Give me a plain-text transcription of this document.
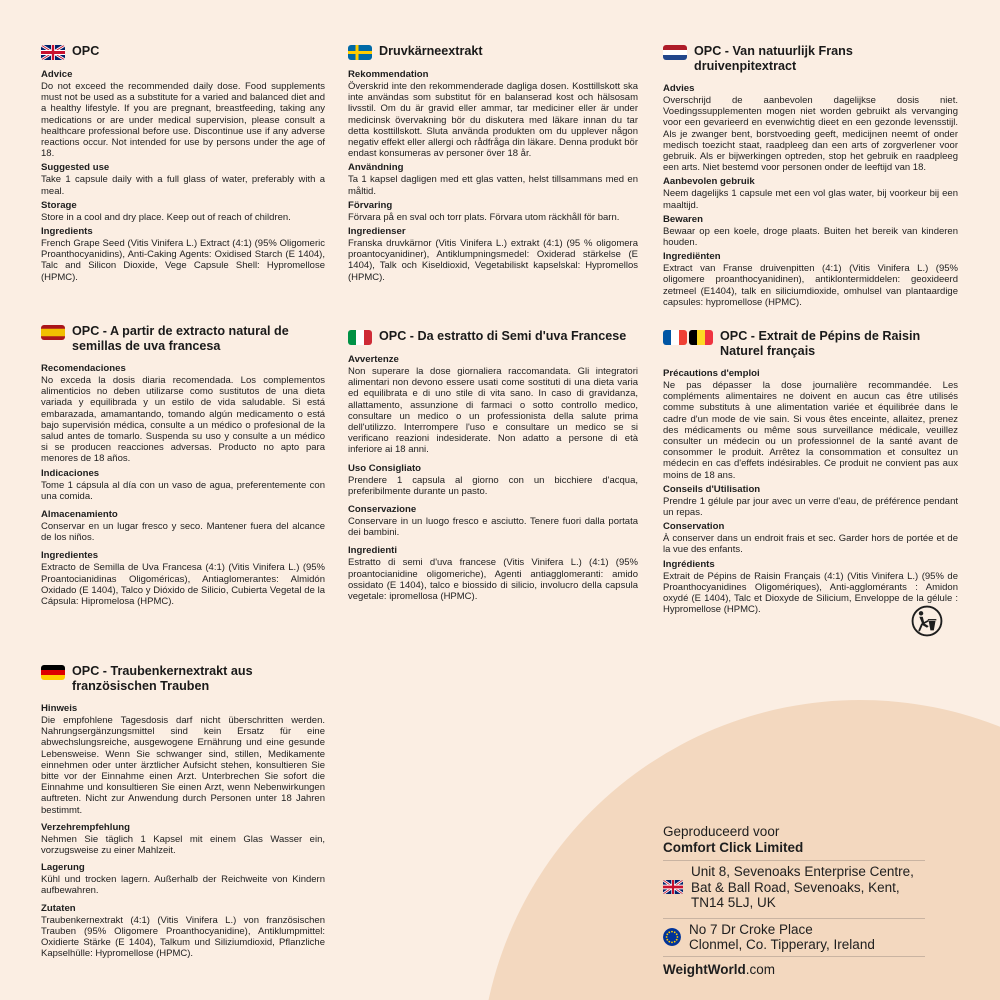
OPC
Advice

Do not exceed the recommended daily dose. Food supplements must not be used as a substitute for a varied and balanced diet and a healthy lifestyle. If you are pregnant, breastfeeding, taking any medications or are under medical supervision, please consult a healthcare professional before use. Discontinue use if any adverse reactions occur. Not intended for use by persons under the age of 18.

Suggested use

Take 1 capsule daily with a full glass of water, preferably with a meal.

Storage

Store in a cool and dry place. Keep out of reach of children.

Ingredients

French Grape Seed (Vitis Vinifera L.) Extract (4:1) (95% Oligomeric Proanthocyanidins), Anti-Caking Agents: Oxidised Starch (E 1404), Talc and Silicon Dioxide, Vege Capsule Shell: Hypromellose (HPMC).

Druvkärneextrakt
Rekommendation

Överskrid inte den rekommenderade dagliga dosen. Kosttillskott ska inte användas som substitut för en balanserad kost och hälsosam livsstil. Om du är gravid eller ammar, tar mediciner eller är under medicinsk övervakning bör du diskutera med läkare innan du tar detta kosttillskott. Sluta använda produkten om du upplever någon negativ effekt eller allergi och rådfråga din läkare. Denna produkt bör endast konsumeras av personer över 18 år.

Användning

Ta 1 kapsel dagligen med ett glas vatten, helst tillsammans med en måltid.

Förvaring

Förvara på en sval och torr plats. Förvara utom räckhåll för barn.

Ingredienser

Franska druvkärnor (Vitis Vinifera L.) extrakt (4:1) (95 % oligomera proantocyanidiner), Antiklumpningsmedel: Oxiderad stärkelse (E 1404), Talk och Kiseldioxid, Vegetabiliskt kapselskal: Hypromellos (HPMC).

OPC - Van natuurlijk Frans druivenpitextract
Advies

Overschrijd de aanbevolen dagelijkse dosis niet. Voedingssupplementen mogen niet worden gebruikt als vervanging voor een gevarieerd en evenwichtig dieet en een gezonde levensstijl. Als je zwanger bent, borstvoeding geeft, medicijnen neemt of onder medisch toezicht staat, raadpleeg dan een arts of zorgverlener voor gebruik. Als er bijwerkingen optreden, stop het gebruik en raadpleeg een arts. Niet bestemd voor personen onder de leeftijd van 18.

Aanbevolen gebruik

Neem dagelijks 1 capsule met een vol glas water, bij voorkeur bij een maaltijd.

Bewaren

Bewaar op een koele, droge plaats. Buiten het bereik van kinderen houden.

Ingrediënten

Extract van Franse druivenpitten (4:1) (Vitis Vinifera L.) (95% oligomere proanthocyanidinen), antiklontermiddelen: geoxideerd zetmeel (E1404), talk en siliciumdioxide, omhulsel van plantaardige capsules: hypromellose (HPMC).

OPC - A partir de extracto natural de semillas de uva francesa
Recomendaciones

No exceda la dosis diaria recomendada. Los complementos alimenticios no deben utilizarse como sustitutos de una dieta variada y equilibrada y un estilo de vida saludable. Si está embarazada, amamantando, tomando algún medicamento o está bajo supervisión médica, consulte a un médico o profesional de la salud antes de tomarlo. Suspenda su uso y consulte a un médico si se producen reacciones adversas. Producto no apto para menores de 18 años.

Indicaciones

Tome 1 cápsula al día con un vaso de agua, preferentemente con una comida.

Almacenamiento

Conservar en un lugar fresco y seco. Mantener fuera del alcance de los niños.

Ingredientes

Extracto de Semilla de Uva Francesa (4:1) (Vitis Vinifera L.) (95% Proantocianidinas Oligoméricas), Antiaglomerantes: Almidón Oxidado (E 1404), Talco y Dióxido de Silicio, Cubierta Vegetal de la Cápsula: Hipromelosa (HPMC).

OPC - Da estratto di Semi d'uva Francese
Avvertenze

Non superare la dose giornaliera raccomandata. Gli integratori alimentari non devono essere usati come sostituti di una dieta varia ed equilibrata e di uno stile di vita sano. In caso di gravidanza, allattamento, assunzione di farmaci o sotto controllo medico, consultare un medico o un professionista della salute prima dell'utilizzo. Interrompere l'uso e consultare un medico se si verificano reazioni indesiderate. Non adatto a persone di età inferiore ai 18 anni.

Uso Consigliato

Prendere 1 capsula al giorno con un bicchiere d'acqua, preferibilmente durante un pasto.

Conservazione

Conservare in un luogo fresco e asciutto. Tenere fuori dalla portata dei bambini.

Ingredienti

Estratto di semi d'uva francese (Vitis Vinifera L.) (4:1) (95% proantocianidine oligomeriche), Agenti antiagglomeranti: amido ossidato (E 1404), talco e biossido di silicio, involucro della capsula vegetale: ipromellosa (HPMC).

OPC - Extrait de Pépins de Raisin Naturel français
Précautions d'emploi

Ne pas dépasser la dose journalière recommandée. Les compléments alimentaires ne doivent en aucun cas être utilisés comme substituts à une alimentation variée et équilibrée dans le cadre d'un mode de vie sain. Si vous êtes enceinte, allaitez, prenez des médicaments ou même sous surveillance médicale, veuillez consulter un médecin ou un professionnel de la santé avant de consommer le produit. Arrêtez la consommation et consultez un médecin en cas d'effets indésirables. Ce produit ne convient pas aux moins de 18 ans.

Conseils d'Utilisation

Prendre 1 gélule par jour avec un verre d'eau, de préférence pendant un repas.

Conservation

À conserver dans un endroit frais et sec. Garder hors de portée et de la vue des enfants.

Ingrédients

Extrait de Pépins de Raisin Français (4:1) (Vitis Vinifera L.) (95% de Proanthocyanidines Oligomériques), Anti-agglomérants : Amidon oxydé (E 1404), Talc et Dioxyde de Silicium, Enveloppe de la gélule : Hypromellose (HPMC).

OPC - Traubenkernextrakt aus französischen Trauben
Hinweis

Die empfohlene Tagesdosis darf nicht überschritten werden. Nahrungsergänzungsmittel sind kein Ersatz für eine abwechslungsreiche, ausgewogene Ernährung und eine gesunde Lebensweise. Wenn Sie schwanger sind, stillen, Medikamente einnehmen oder unter ärztlicher Aufsicht stehen, konsultieren Sie bitte vor der Einnahme einen Arzt. Unterbrechen Sie sofort die Einnahme und konsultieren Sie einen Arzt, wenn Nebenwirkungen auftreten. Nicht zur Anwendung durch Personen unter 18 Jahren bestimmt.

Verzehrempfehlung

Nehmen Sie täglich 1 Kapsel mit einem Glas Wasser ein, vorzugsweise zu einer Mahlzeit.

Lagerung

Kühl und trocken lagern. Außerhalb der Reichweite von Kindern aufbewahren.

Zutaten

Traubenkernextrakt (4:1) (Vitis Vinifera L.) von französischen Trauben (95% Oligomere Proanthocyanidine), Antiklumpmittel: Oxidierte Stärke (E 1404), Talkum und Siliziumdioxid, Pflanzliche Kapselhülle: Hypromellose (HPMC).

Geproduceerd voor
Comfort Click Limited
Unit 8, Sevenoaks Enterprise Centre,
Bat & Ball Road, Sevenoaks, Kent,
TN14 5LJ, UK
No 7 Dr Croke Place
Clonmel, Co. Tipperary, Ireland
WeightWorld.com
